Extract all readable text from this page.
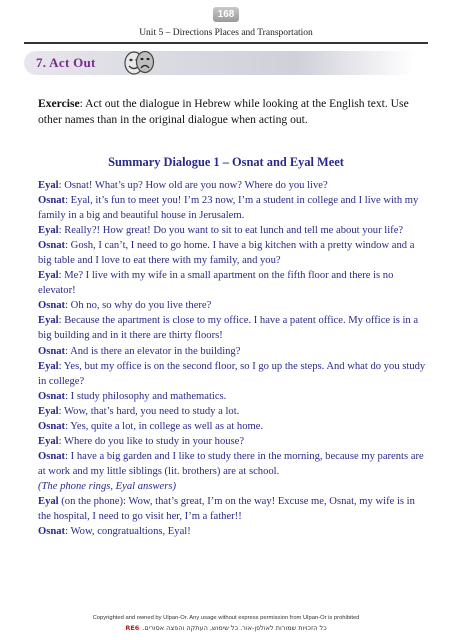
168
Unit 5 – Directions Places and Transportation
7. Act Out
Exercise: Act out the dialogue in Hebrew while looking at the English text. Use other names than in the original dialogue when acting out.
Summary Dialogue 1 – Osnat and Eyal Meet

Eyal: Osnat! What’s up? How old are you now? Where do you live?

Osnat: Eyal, it’s fun to meet you! I’m 23 now, I’m a student in college and I live with my family in a big and beautiful house in Jerusalem.

Eyal: Really?! How great! Do you want to sit to eat lunch and tell me about your life?

Osnat: Gosh, I can’t, I need to go home. I have a big kitchen with a pretty window and a big table and I love to eat there with my family, and you?

Eyal: Me? I live with my wife in a small apartment on the fifth floor and there is no elevator!

Osnat: Oh no, so why do you live there?

Eyal: Because the apartment is close to my office. I have a patent office. My office is in a big building and in it there are thirty floors!

Osnat: And is there an elevator in the building?

Eyal: Yes, but my office is on the second floor, so I go up the steps. And what do you study in college?

Osnat: I study philosophy and mathematics.

Eyal: Wow, that’s hard, you need to study a lot.

Osnat: Yes, quite a lot, in college as well as at home.

Eyal: Where do you like to study in your house?

Osnat: I have a big garden and I like to study there in the morning, because my parents are at work and my little siblings (lit. brothers) are at school.

(The phone rings, Eyal answers)

Eyal (on the phone): Wow, that’s great, I’m on the way! Excuse me, Osnat, my wife is in the hospital, I need to go visit her, I’m a father!!

Osnat: Wow, congratualtions, Eyal!

Copyrighted and owned by Ulpan-Or. Any usage without express permission from Ulpan-Or is prohibited
RE6 כל הזכויות שמורות לאולפן-אור. כל שימוש, העתקה והפצה אסורים.
